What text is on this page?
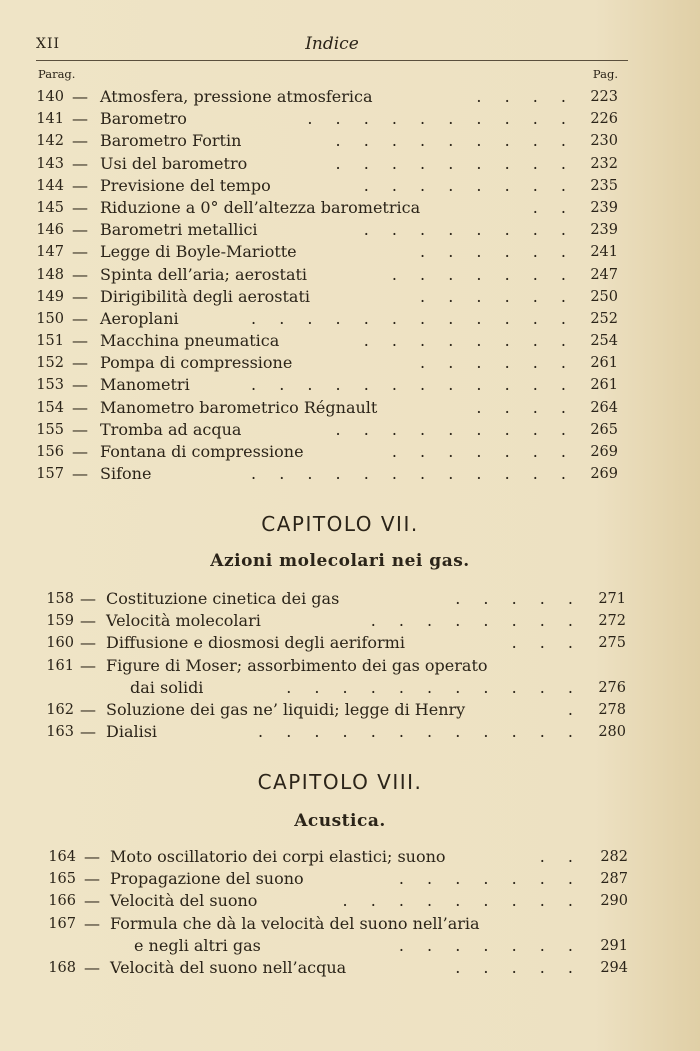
XII	Indice
Parag.	Pag.
140 — Atmosfera, pressione atmosferica	. . . .	223
141 — Barometro	. . . . . . . . . .	226
142 — Barometro Fortin	. . . . . . . . .	230
143 — Usi del barometro	. . . . . . . . .	232
144 — Previsione del tempo	. . . . . . . .	235
145 — Riduzione a 0° dell’altezza barometrica	. .	239
146 — Barometri metallici	. . . . . . . .	239
147 — Legge di Boyle-Mariotte	. . . . . .	241
148 — Spinta dell’aria; aerostati	. . . . . . .	247
149 — Dirigibilità degli aerostati	. . . . . .	250
150 — Aeroplani	. . . . . . . . . . . .	252
151 — Macchina pneumatica	. . . . . . . .	254
152 — Pompa di compressione	. . . . . .	261
153 — Manometri	. . . . . . . . . . . .	261
154 — Manometro barometrico Régnault	. . . .	264
155 — Tromba ad acqua	. . . . . . . . .	265
156 — Fontana di compressione	. . . . . . .	269
157 — Sifone	. . . . . . . . . . . .	269
CAPITOLO VII.
Azioni molecolari nei gas.
158 — Costituzione cinetica dei gas	. . . . .	271
159 — Velocità molecolari	. . . . . . . .	272
160 — Diffusione e diosmosi degli aeriformi	. . .	275
161 — Figure di Moser; assorbimento dei gas operato
dai solidi	. . . . . . . . . . .	276
162 — Soluzione dei gas ne’ liquidi; legge di Henry	.	278
163 — Dialisi	. . . . . . . . . . . .	280
CAPITOLO VIII.
Acustica.
164 — Moto oscillatorio dei corpi elastici; suono	. .	282
165 — Propagazione del suono	. . . . . . .	287
166 — Velocità del suono	. . . . . . . . .	290
167 — Formula che dà la velocità del suono nell’aria
e negli altri gas	. . . . . . .	291
168 — Velocità del suono nell’acqua	. . . . .	294
